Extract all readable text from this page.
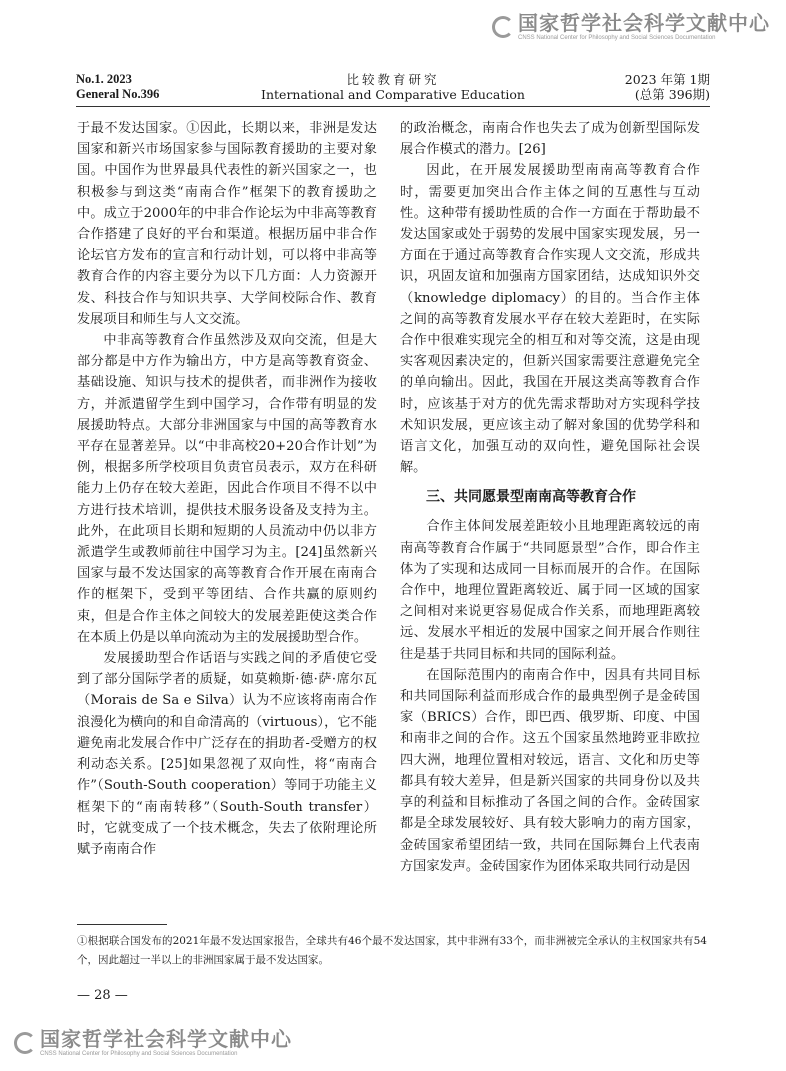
国家哲学社会科学文献中心
CNSS National Center for Philosophy and Social Sciences Documentation
No.1. 2023
General No.396
比较教育研究
International and Comparative Education
2023 年第 1期
(总第 396期)

于最不发达国家。①因此，长期以来，非洲是发达国家和新兴市场国家参与国际教育援助的主要对象国。中国作为世界最具代表性的新兴国家之一，也积极参与到这类“南南合作”框架下的教育援助之中。成立于2000年的中非合作论坛为中非高等教育合作搭建了良好的平台和渠道。根据历届中非合作论坛官方发布的宣言和行动计划，可以将中非高等教育合作的内容主要分为以下几方面：人力资源开发、科技合作与知识共享、大学间校际合作、教育发展项目和师生与人文交流。

中非高等教育合作虽然涉及双向交流，但是大部分都是中方作为输出方，中方是高等教育资金、基础设施、知识与技术的提供者，而非洲作为接收方，并派遣留学生到中国学习，合作带有明显的发展援助特点。大部分非洲国家与中国的高等教育水平存在显著差异。以“中非高校20+20合作计划”为例，根据多所学校项目负责官员表示，双方在科研能力上仍存在较大差距，因此合作项目不得不以中方进行技术培训，提供技术服务设备及支持为主。此外，在此项目长期和短期的人员流动中仍以非方派遣学生或教师前往中国学习为主。[24]虽然新兴国家与最不发达国家的高等教育合作开展在南南合作的框架下，受到平等团结、合作共赢的原则约束，但是合作主体之间较大的发展差距使这类合作在本质上仍是以单向流动为主的发展援助型合作。

发展援助型合作话语与实践之间的矛盾使它受到了部分国际学者的质疑，如莫赖斯·德·萨·席尔瓦（Morais de Sa e Silva）认为不应该将南南合作浪漫化为横向的和自命清高的（virtuous），它不能避免南北发展合作中广泛存在的捐助者-受赠方的权利动态关系。[25]如果忽视了双向性，将“南南合作”（South-South cooperation）等同于功能主义框架下的“南南转移”（South-South transfer）时，它就变成了一个技术概念，失去了依附理论所赋予南南合作

的政治概念，南南合作也失去了成为创新型国际发展合作模式的潜力。[26]

因此，在开展发展援助型南南高等教育合作时，需要更加突出合作主体之间的互惠性与互动性。这种带有援助性质的合作一方面在于帮助最不发达国家或处于弱势的发展中国家实现发展，另一方面在于通过高等教育合作实现人文交流，形成共识，巩固友谊和加强南方国家团结，达成知识外交（knowledge diplomacy）的目的。当合作主体之间的高等教育发展水平存在较大差距时，在实际合作中很难实现完全的相互和对等交流，这是由现实客观因素决定的，但新兴国家需要注意避免完全的单向输出。因此，我国在开展这类高等教育合作时，应该基于对方的优先需求帮助对方实现科学技术知识发展，更应该主动了解对象国的优势学科和语言文化，加强互动的双向性，避免国际社会误解。

三、共同愿景型南南高等教育合作

合作主体间发展差距较小且地理距离较远的南南高等教育合作属于“共同愿景型”合作，即合作主体为了实现和达成同一目标而展开的合作。在国际合作中，地理位置距离较近、属于同一区域的国家之间相对来说更容易促成合作关系，而地理距离较远、发展水平相近的发展中国家之间开展合作则往往是基于共同目标和共同的国际利益。

在国际范围内的南南合作中，因具有共同目标和共同国际利益而形成合作的最典型例子是金砖国家（BRICS）合作，即巴西、俄罗斯、印度、中国和南非之间的合作。这五个国家虽然地跨亚非欧拉四大洲，地理位置相对较远，语言、文化和历史等都具有较大差异，但是新兴国家的共同身份以及共享的利益和目标推动了各国之间的合作。金砖国家都是全球发展较好、具有较大影响力的南方国家，金砖国家希望团结一致，共同在国际舞台上代表南方国家发声。金砖国家作为团体采取共同行动是因

①根据联合国发布的2021年最不发达国家报告，全球共有46个最不发达国家，其中非洲有33个，而非洲被完全承认的主权国家共有54个，因此超过一半以上的非洲国家属于最不发达国家。
— 28 —
国家哲学社会科学文献中心
CNSS National Center for Philosophy and Social Sciences Documentation
